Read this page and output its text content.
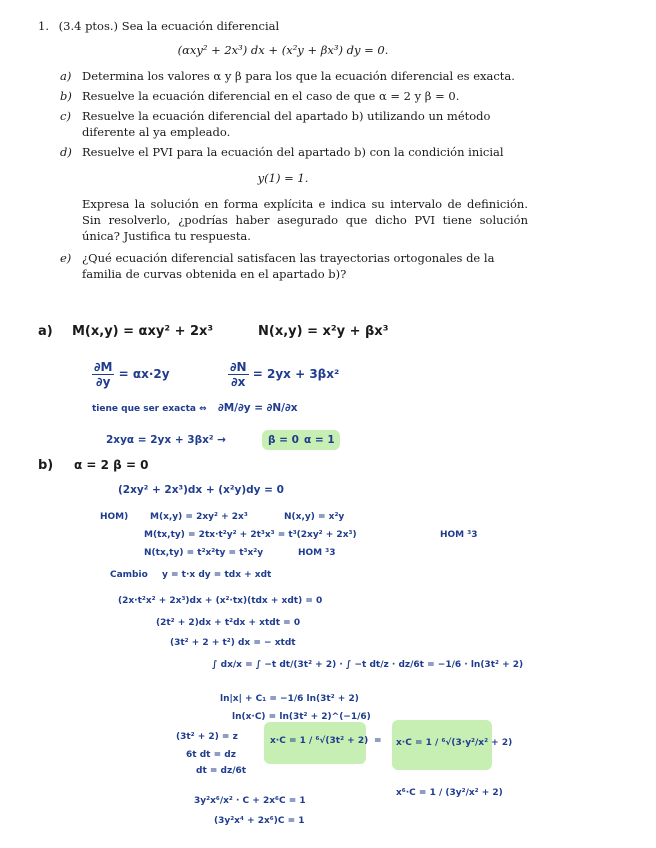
1. (3.4 ptos.) Sea la ecuación diferencial

(αxy² + 2x³) dx + (x²y + βx³) dy = 0.
a) Determina los valores α y β para los que la ecuación diferencial es exacta.
b) Resuelve la ecuación diferencial en el caso de que α = 2 y β = 0.
c) Resuelve la ecuación diferencial del apartado b) utilizando un método diferente al ya empleado.
d) Resuelve el PVI para la ecuación del apartado b) con la condición inicial
y(1) = 1.
Expresa la solución en forma explícita e indica su intervalo de definición. Sin resolverlo, ¿podrías haber asegurado que dicho PVI tiene solución única? Justifica tu respuesta.
e) ¿Qué ecuación diferencial satisfacen las trayectorias ortogonales de la familia de curvas obtenida en el apartado b)?
a) M(x,y) = αxy² + 2x³	N(x,y) = x²y + βx³
$\frac{\partial M}{\partial y} = \alpha x\cdot 2y$	$\frac{\partial N}{\partial x} = 2yx + 3\beta x^2$
tiene que ser exacta ⇔ ∂M/∂y = ∂N/∂x
2xyα = 2yx + 3βx² →	β = 0 α = 1
b) α = 2 β = 0
(2xy² + 2x³)dx + (x²y)dy = 0
HOM) M(x,y) = 2xy² + 2x³	N(x,y) = x²y
M(tx,ty) = 2tx·t²y² + 2t³x³ = t³(2xy² + 2x³)	HOM ³3
N(tx,ty) = t²x²ty = t³x²y	HOM ³3
Cambio y = t·x dy = tdx + xdt
(2x·t²x² + 2x³)dx + (x²·tx)(tdx + xdt) = 0
(2t² + 2)dx + t²dx + xtdt = 0
(3t² + 2 + t²) dx = − xtdt
∫ dx/x = ∫ −t dt/(3t² + 2) · ∫ −t dt/z · dz/6t = −1/6 · ln(3t² + 2)
ln|x| + C₁ = −1/6 ln(3t² + 2)
ln(x·C) = ln(3t² + 2)^(−1/6)
(3t² + 2) = z
6t dt = dz
dt = dz/6t
x·C = 1 / ⁶√(3t² + 2) = x·C = 1 / ⁶√(3·y²/x² + 2)
x⁶·C = 1 / (3y²/x² + 2)
3y²x⁶/x² · C + 2x⁶C = 1
(3y²x⁴ + 2x⁶)C = 1
